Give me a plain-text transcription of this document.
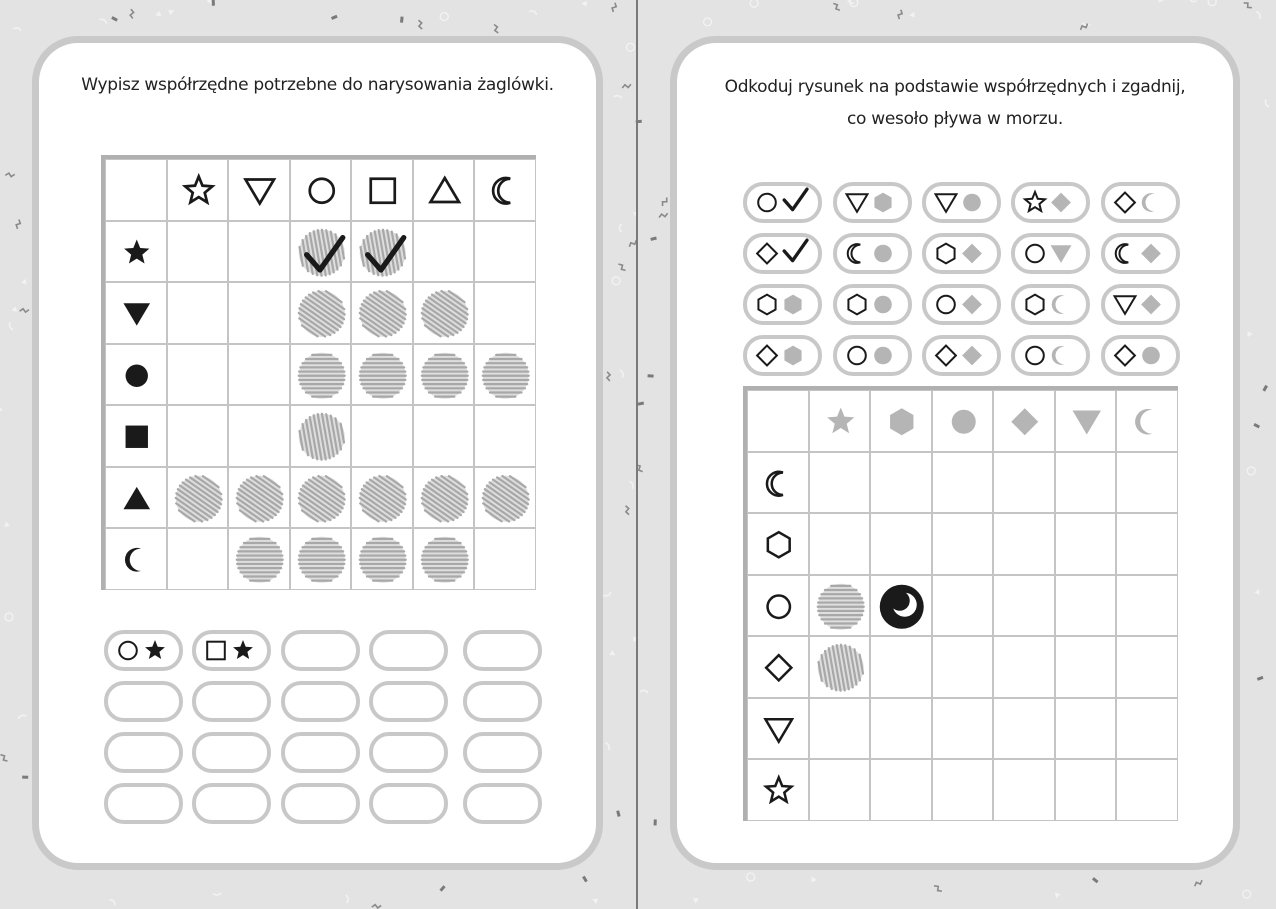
Wypisz współrzędne potrzebne do narysowania żaglówki.	Odkoduj rysunek na podstawie współrzędnych i zgadnij,
co wesoło pływa w morzu.
